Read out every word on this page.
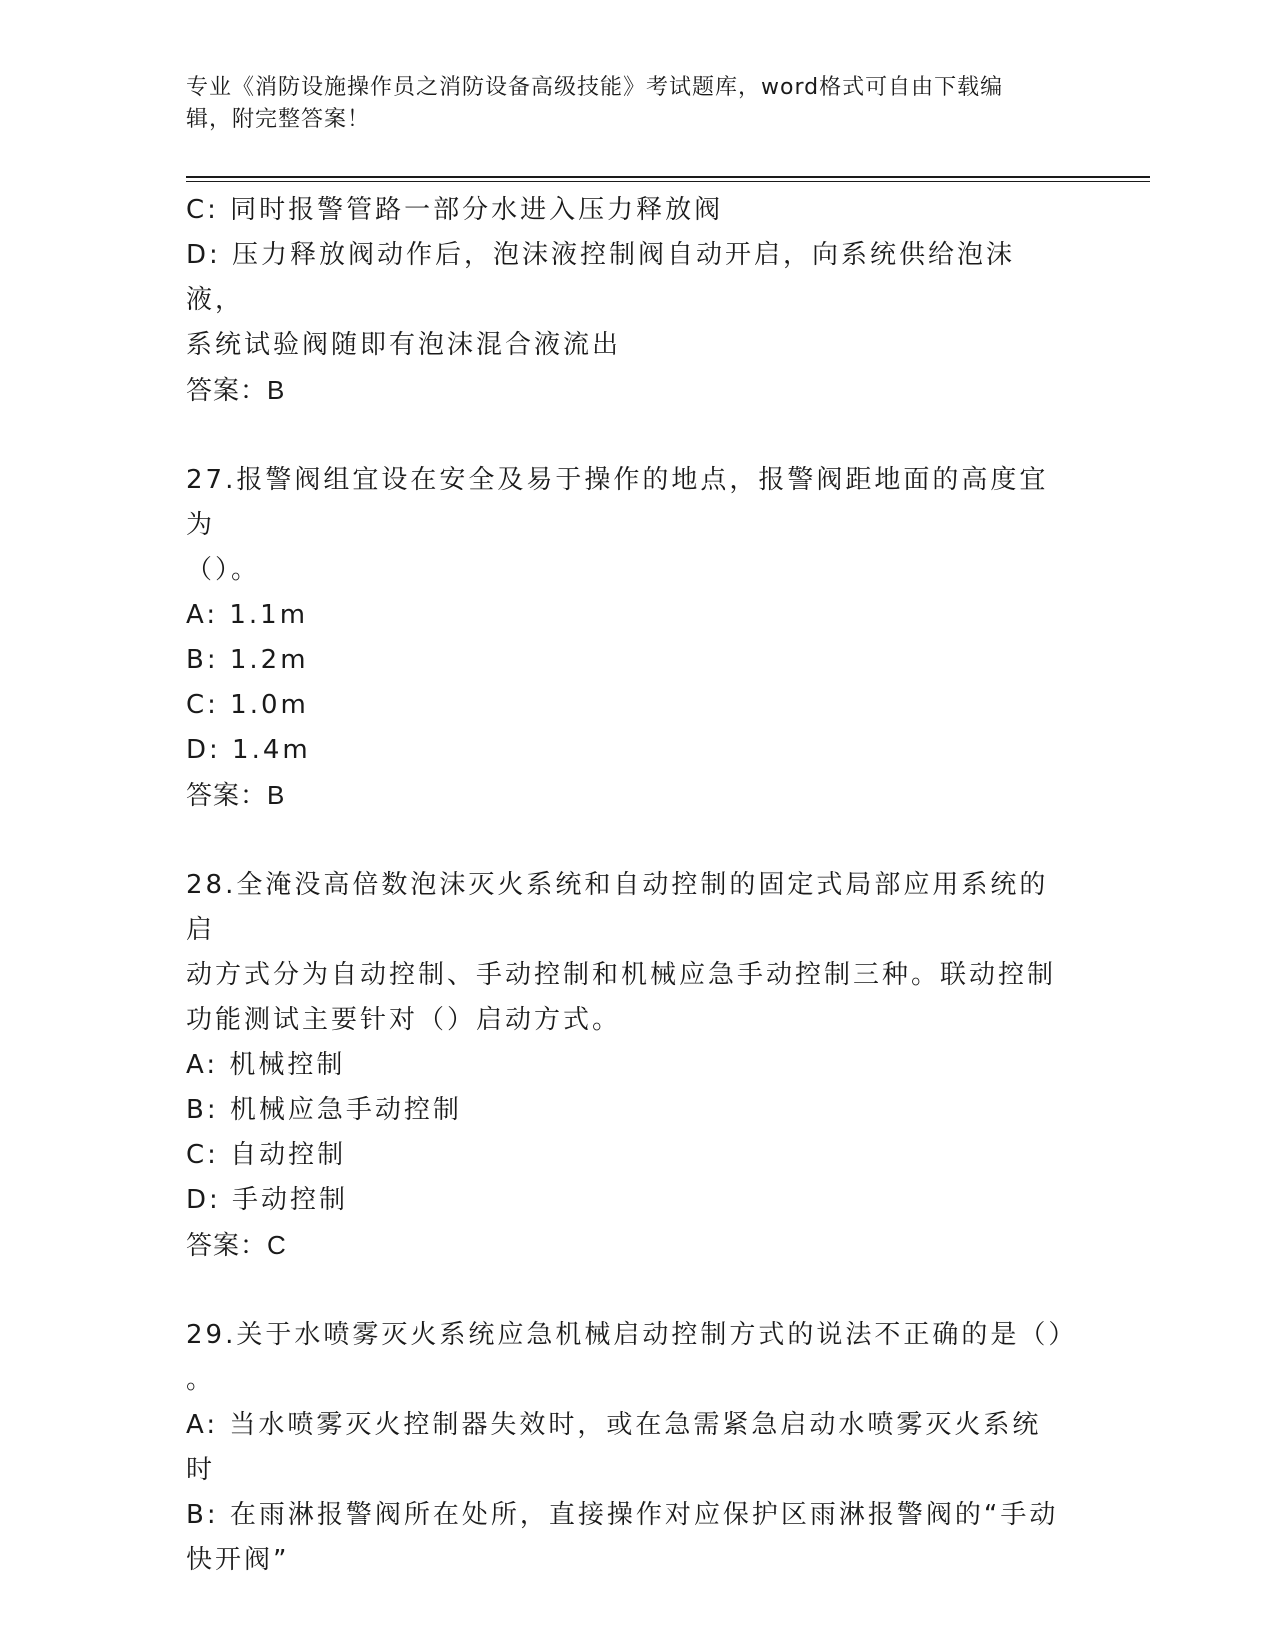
专业《消防设施操作员之消防设备高级技能》考试题库，word格式可自由下载编
辑，附完整答案！
C: 同时报警管路一部分水进入压力释放阀
D: 压力释放阀动作后，泡沫液控制阀自动开启，向系统供给泡沫液，
系统试验阀随即有泡沫混合液流出
答案：B
27.报警阀组宜设在安全及易于操作的地点，报警阀距地面的高度宜为
（）。
A: 1.1m
B: 1.2m
C: 1.0m
D: 1.4m
答案：B
28.全淹没高倍数泡沫灭火系统和自动控制的固定式局部应用系统的启
动方式分为自动控制、手动控制和机械应急手动控制三种。联动控制
功能测试主要针对（）启动方式。
A: 机械控制
B: 机械应急手动控制
C: 自动控制
D: 手动控制
答案：C
29.关于水喷雾灭火系统应急机械启动控制方式的说法不正确的是（）
。
A: 当水喷雾灭火控制器失效时，或在急需紧急启动水喷雾灭火系统时
B: 在雨淋报警阀所在处所，直接操作对应保护区雨淋报警阀的“手动
快开阀”
